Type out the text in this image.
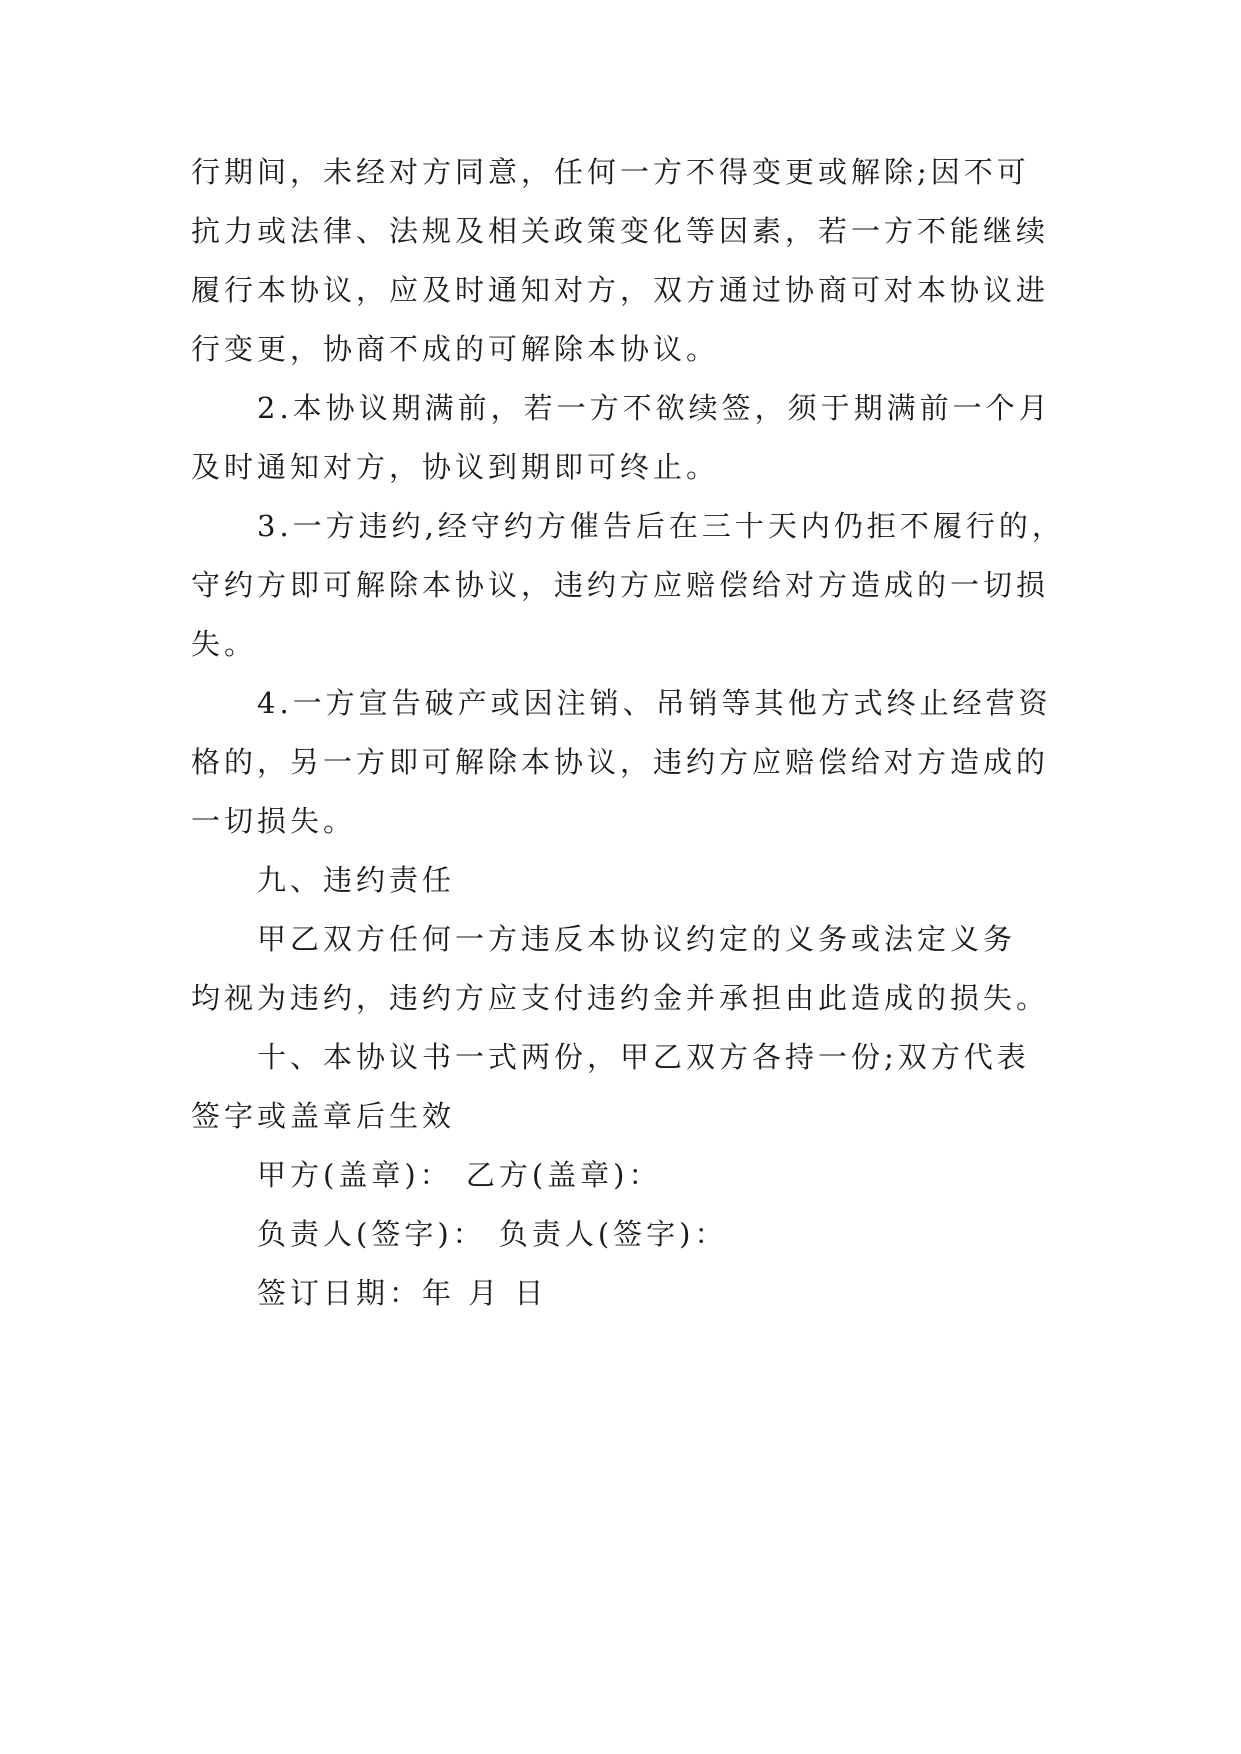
行期间，未经对方同意，任何一方不得变更或解除;因不可
抗力或法律、法规及相关政策变化等因素，若一方不能继续
履行本协议，应及时通知对方，双方通过协商可对本协议进
行变更，协商不成的可解除本协议。
2.本协议期满前，若一方不欲续签，须于期满前一个月
及时通知对方，协议到期即可终止。
3.一方违约,经守约方催告后在三十天内仍拒不履行的，
守约方即可解除本协议，违约方应赔偿给对方造成的一切损
失。
4.一方宣告破产或因注销、吊销等其他方式终止经营资
格的，另一方即可解除本协议，违约方应赔偿给对方造成的
一切损失。
九、违约责任
甲乙双方任何一方违反本协议约定的义务或法定义务
均视为违约，违约方应支付违约金并承担由此造成的损失。
十、本协议书一式两份，甲乙双方各持一份;双方代表
签字或盖章后生效
甲方(盖章)： 乙方(盖章)：
负责人(签字)： 负责人(签字)：
签订日期：年 月 日
